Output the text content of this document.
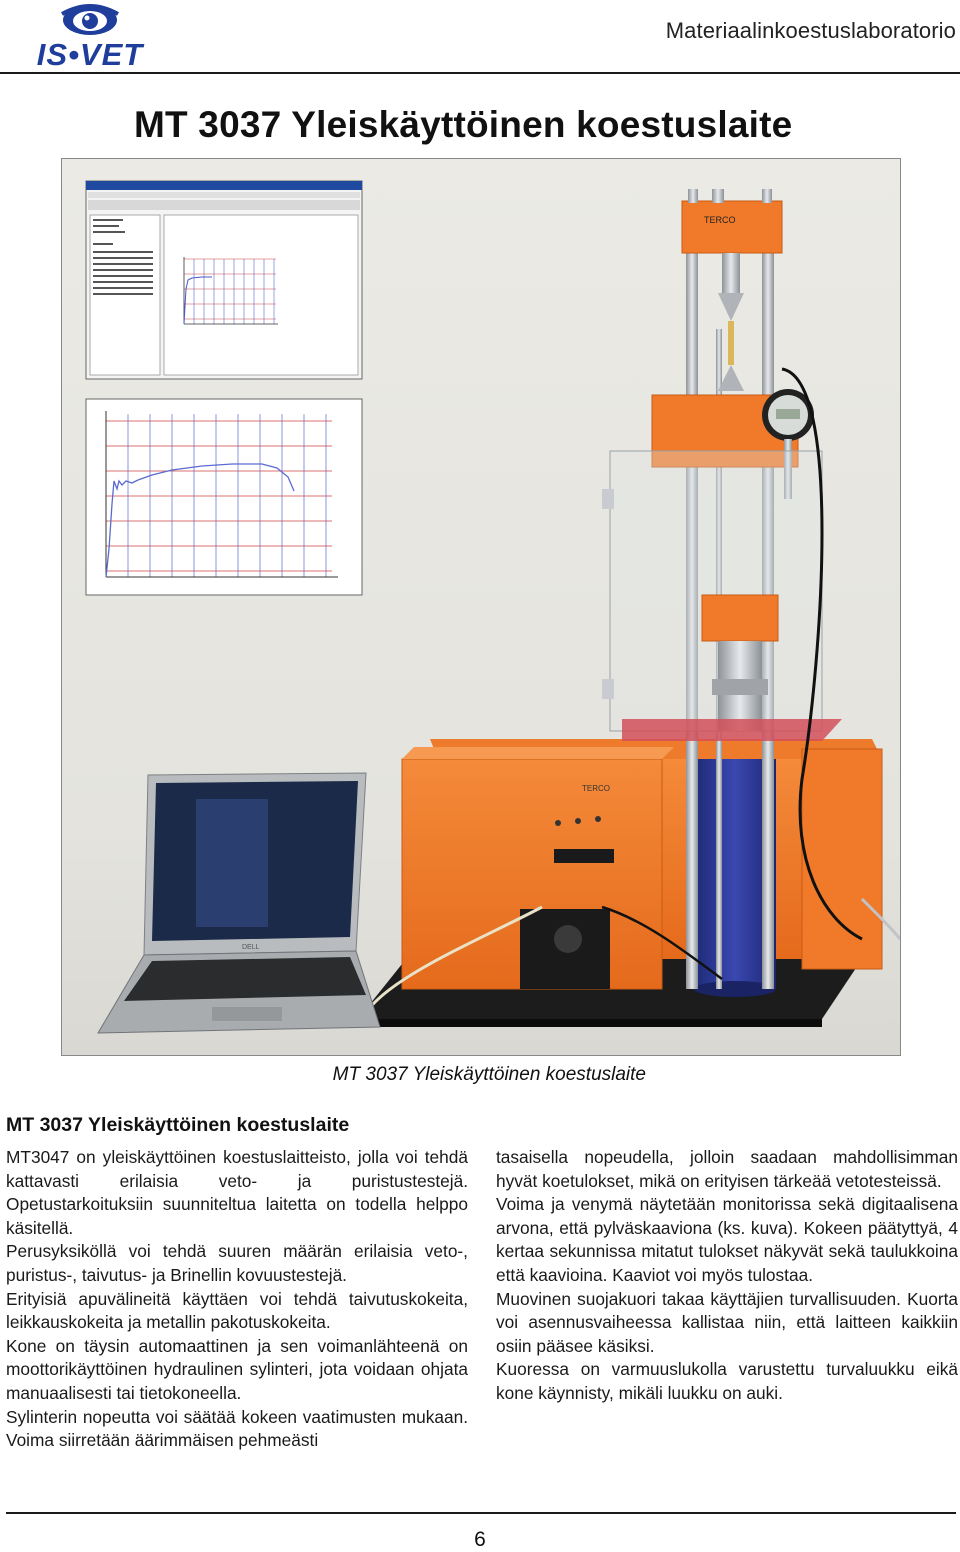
IS•VET
Materiaalinkoestuslaboratorio
MT 3037 Yleiskäyttöinen koestuslaite
TERCO
TERCO
DELL
MT 3037 Yleiskäyttöinen koestuslaite
MT 3037 Yleiskäyttöinen koestuslaite

MT3047 on yleiskäyttöinen koestuslaitteisto, jolla voi tehdä kattavasti erilaisia veto- ja puristustestejä. Opetustarkoituksiin suunniteltua laitetta on todella helppo käsitellä.

Perusyksiköllä voi tehdä suuren määrän erilaisia veto-, puristus-, taivutus- ja Brinellin kovuustestejä.

Erityisiä apuvälineitä käyttäen voi tehdä taivutuskokeita, leikkauskokeita ja metallin pakotuskokeita.

Kone on täysin automaattinen ja sen voimanlähteenä on moottorikäyttöinen hydraulinen sylinteri, jota voidaan ohjata manuaalisesti tai tietokoneella.

Sylinterin nopeutta voi säätää kokeen vaatimusten mukaan. Voima siirretään äärimmäisen pehmeästi

tasaisella nopeudella, jolloin saadaan mahdollisimman hyvät koetulokset, mikä on erityisen tärkeää vetotesteissä.

Voima ja venymä näytetään monitorissa sekä digitaalisena arvona, että pylväskaaviona (ks. kuva). Kokeen päätyttyä, 4 kertaa sekunnissa mitatut tulokset näkyvät sekä taulukkoina että kaavioina. Kaaviot voi myös tulostaa.

Muovinen suojakuori takaa käyttäjien turvallisuuden. Kuorta voi asennusvaiheessa kallistaa niin, että laitteen kaikkiin osiin pääsee käsiksi.

Kuoressa on varmuuslukolla varustettu turvaluukku eikä kone käynnisty, mikäli luukku on auki.

6
